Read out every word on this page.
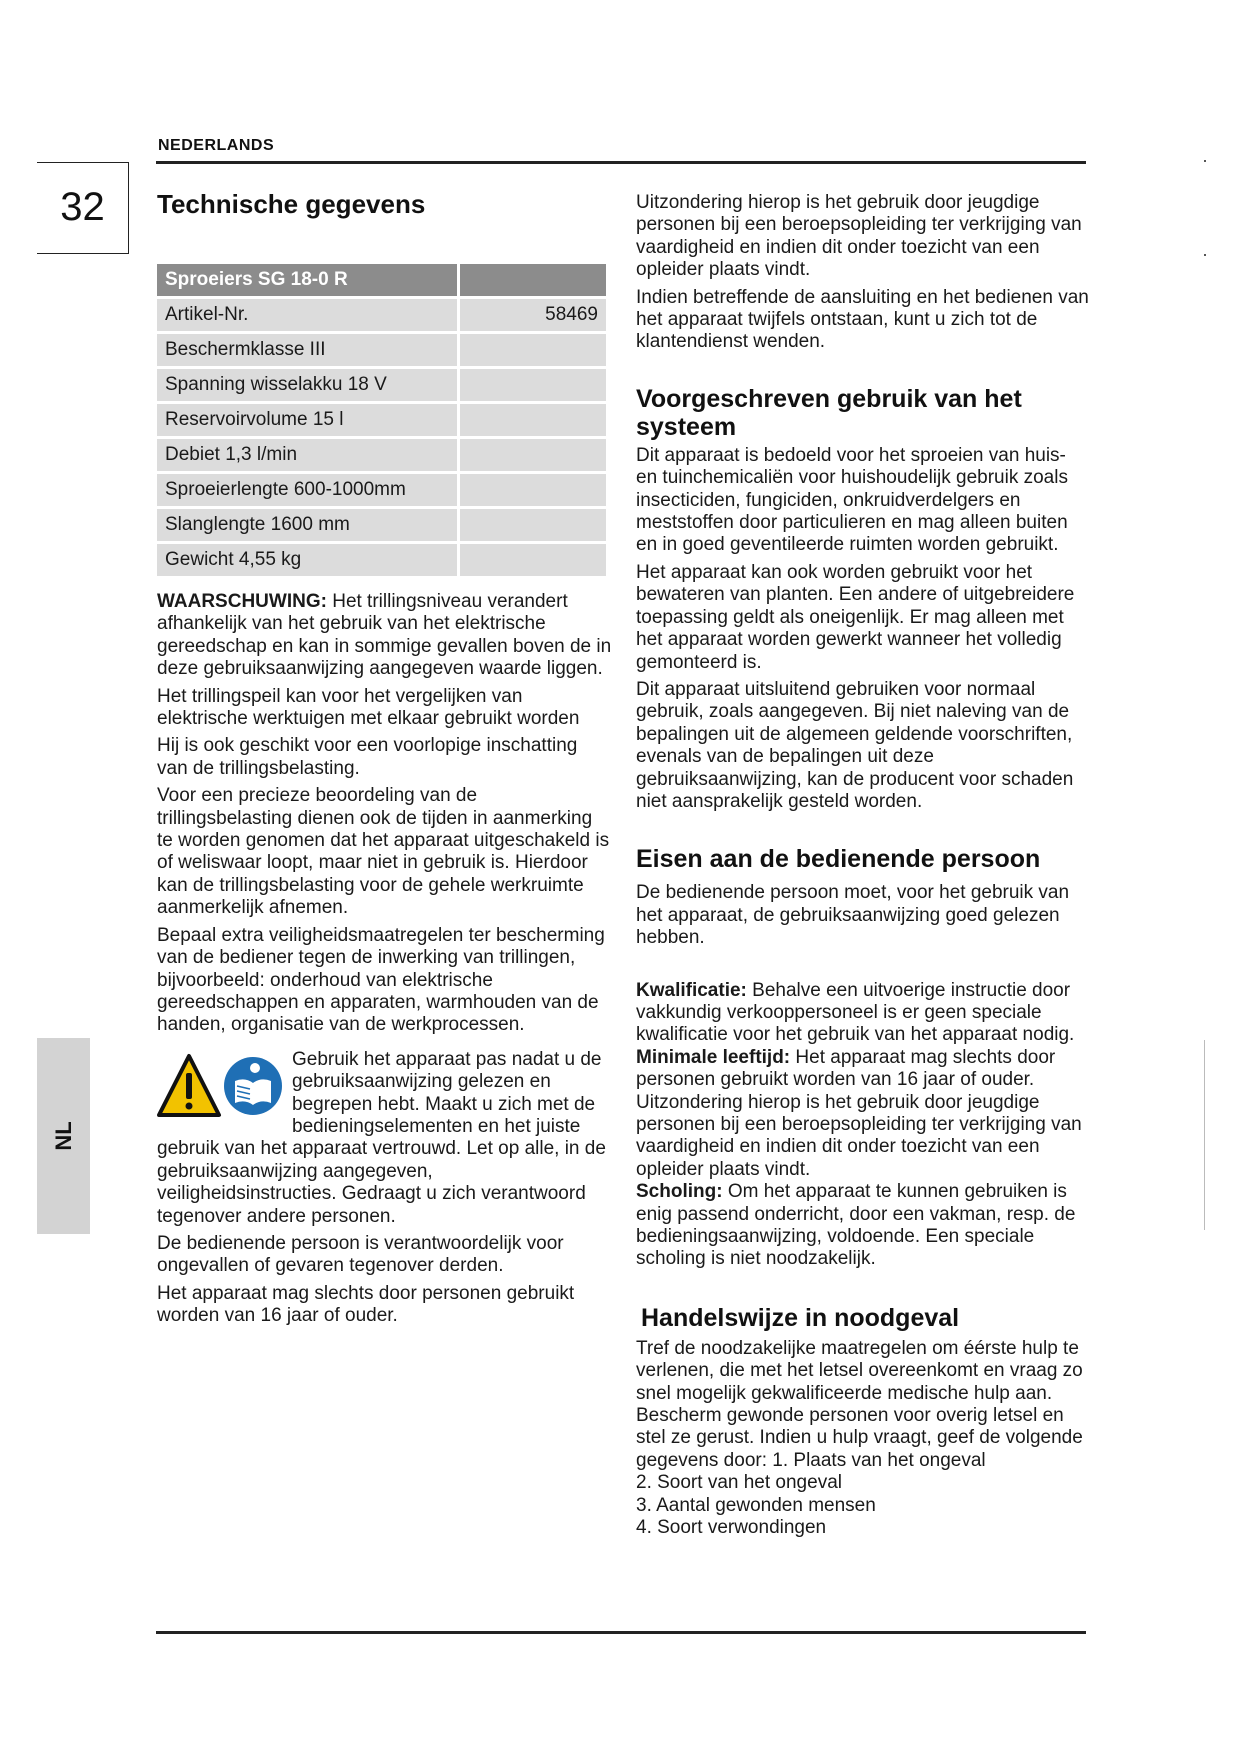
NEDERLANDS
32
NL
Technische gegevens
Sproeiers SG 18-0 R	
Artikel-Nr.	58469
Beschermklasse III	
Spanning wisselakku 18 V	
Reservoirvolume 15 l	
Debiet 1,3 l/min	
Sproeierlengte 600-1000mm	
Slanglengte 1600 mm	
Gewicht 4,55 kg	

WAARSCHUWING: Het trillingsniveau verandert afhankelijk van het gebruik van het elektrische gereedschap en kan in sommige gevallen boven de in deze gebruiksaanwijzing aangegeven waarde liggen.

Het trillingspeil kan voor het vergelijken van elektrische werktuigen met elkaar gebruikt worden

Hij is ook geschikt voor een voorlopige inschatting van de trillingsbelasting.

Voor een precieze beoordeling van de trillingsbelasting dienen ook de tijden in aanmerking te worden genomen dat het apparaat uitgeschakeld is of weliswaar loopt, maar niet in gebruik is. Hierdoor kan de trillingsbelasting voor de gehele werkruimte aanmerkelijk afnemen.

Bepaal extra veiligheidsmaatregelen ter bescherming van de bediener tegen de inwerking van trillingen, bijvoorbeeld: onderhoud van elektrische gereedschappen en apparaten, warmhouden van de handen, organisatie van de werkprocessen.

Gebruik het apparaat pas nadat u de gebruiksaanwijzing gelezen en begrepen hebt. Maakt u zich met de bedieningselementen en het juiste gebruik van het apparaat vertrouwd. Let op alle, in de gebruiksaanwijzing aangegeven, veiligheidsinstructies. Gedraagt u zich verantwoord tegenover andere personen.

De bedienende persoon is verantwoordelijk voor ongevallen of gevaren tegenover derden.

Het apparaat mag slechts door personen gebruikt worden van 16 jaar of ouder.

Uitzondering hierop is het gebruik door jeugdige personen bij een beroepsopleiding ter verkrijging van vaardigheid en indien dit onder toezicht van een opleider plaats vindt.

Indien betreffende de aansluiting en het bedienen van het apparaat twijfels ontstaan, kunt u zich tot de klantendienst wenden.

Voorgeschreven gebruik van het systeem

Dit apparaat is bedoeld voor het sproeien van huis- en tuinchemicaliën voor huishoudelijk gebruik zoals insecticiden, fungiciden, onkruidverdelgers en meststoffen door particulieren en mag alleen buiten en in goed geventileerde ruimten worden gebruikt.

Het apparaat kan ook worden gebruikt voor het bewateren van planten. Een andere of uitgebreidere toepassing geldt als oneigenlijk. Er mag alleen met het apparaat worden gewerkt wanneer het volledig gemonteerd is.

Dit apparaat uitsluitend gebruiken voor normaal gebruik, zoals aangegeven. Bij niet naleving van de bepalingen uit de algemeen geldende voorschriften, evenals van de bepalingen uit deze gebruiksaanwijzing, kan de producent voor schaden niet aansprakelijk gesteld worden.

Eisen aan de bedienende persoon

De bedienende persoon moet, voor het gebruik van het apparaat, de gebruiksaanwijzing goed gelezen hebben.

Kwalificatie: Behalve een uitvoerige instructie door vakkundig verkooppersoneel is er geen speciale kwalificatie voor het gebruik van het apparaat nodig.

Minimale leeftijd: Het apparaat mag slechts door personen gebruikt worden van 16 jaar of ouder. Uitzondering hierop is het gebruik door jeugdige personen bij een beroepsopleiding ter verkrijging van vaardigheid en indien dit onder toezicht van een opleider plaats vindt.

Scholing: Om het apparaat te kunnen gebruiken is enig passend onderricht, door een vakman, resp. de bedieningsaanwijzing, voldoende. Een speciale scholing is niet noodzakelijk.

Handelswijze in noodgeval

Tref de noodzakelijke maatregelen om éérste hulp te verlenen, die met het letsel overeenkomt en vraag zo snel mogelijk gekwalificeerde medische hulp aan. Bescherm gewonde personen voor overig letsel en stel ze gerust. Indien u hulp vraagt, geef de volgende gegevens door: 1. Plaats van het ongeval

2. Soort van het ongeval
3. Aantal gewonden mensen
4. Soort verwondingen
